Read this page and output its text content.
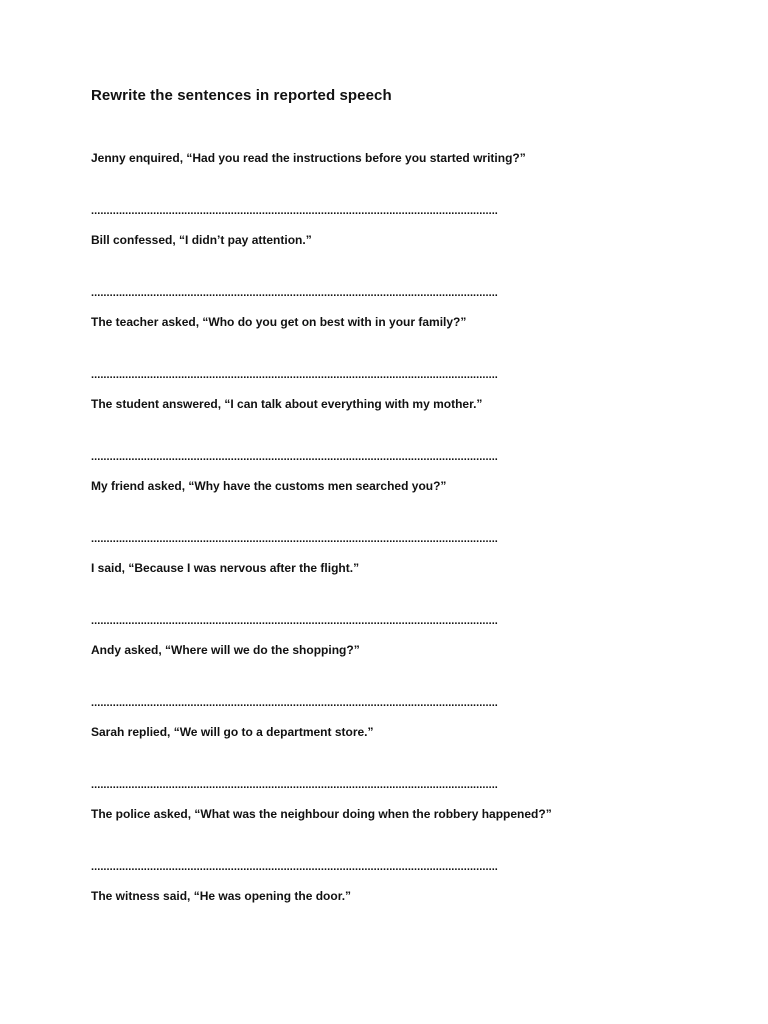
Rewrite the sentences in reported speech
Jenny enquired, “Had you read the instructions before you started writing?”
...................................................................................................................................
Bill confessed, “I didn’t pay attention.”
...................................................................................................................................
The teacher asked, “Who do you get on best with in your family?”
...................................................................................................................................
The student answered, “I can talk about everything with my mother.”
...................................................................................................................................
My friend asked, “Why have the customs men searched you?”
...................................................................................................................................
I said, “Because I was nervous after the flight.”
...................................................................................................................................
Andy asked, “Where will we do the shopping?”
...................................................................................................................................
Sarah replied, “We will go to a department store.”
...................................................................................................................................
The police asked, “What was the neighbour doing when the robbery happened?”
...................................................................................................................................
The witness said, “He was opening the door.”
